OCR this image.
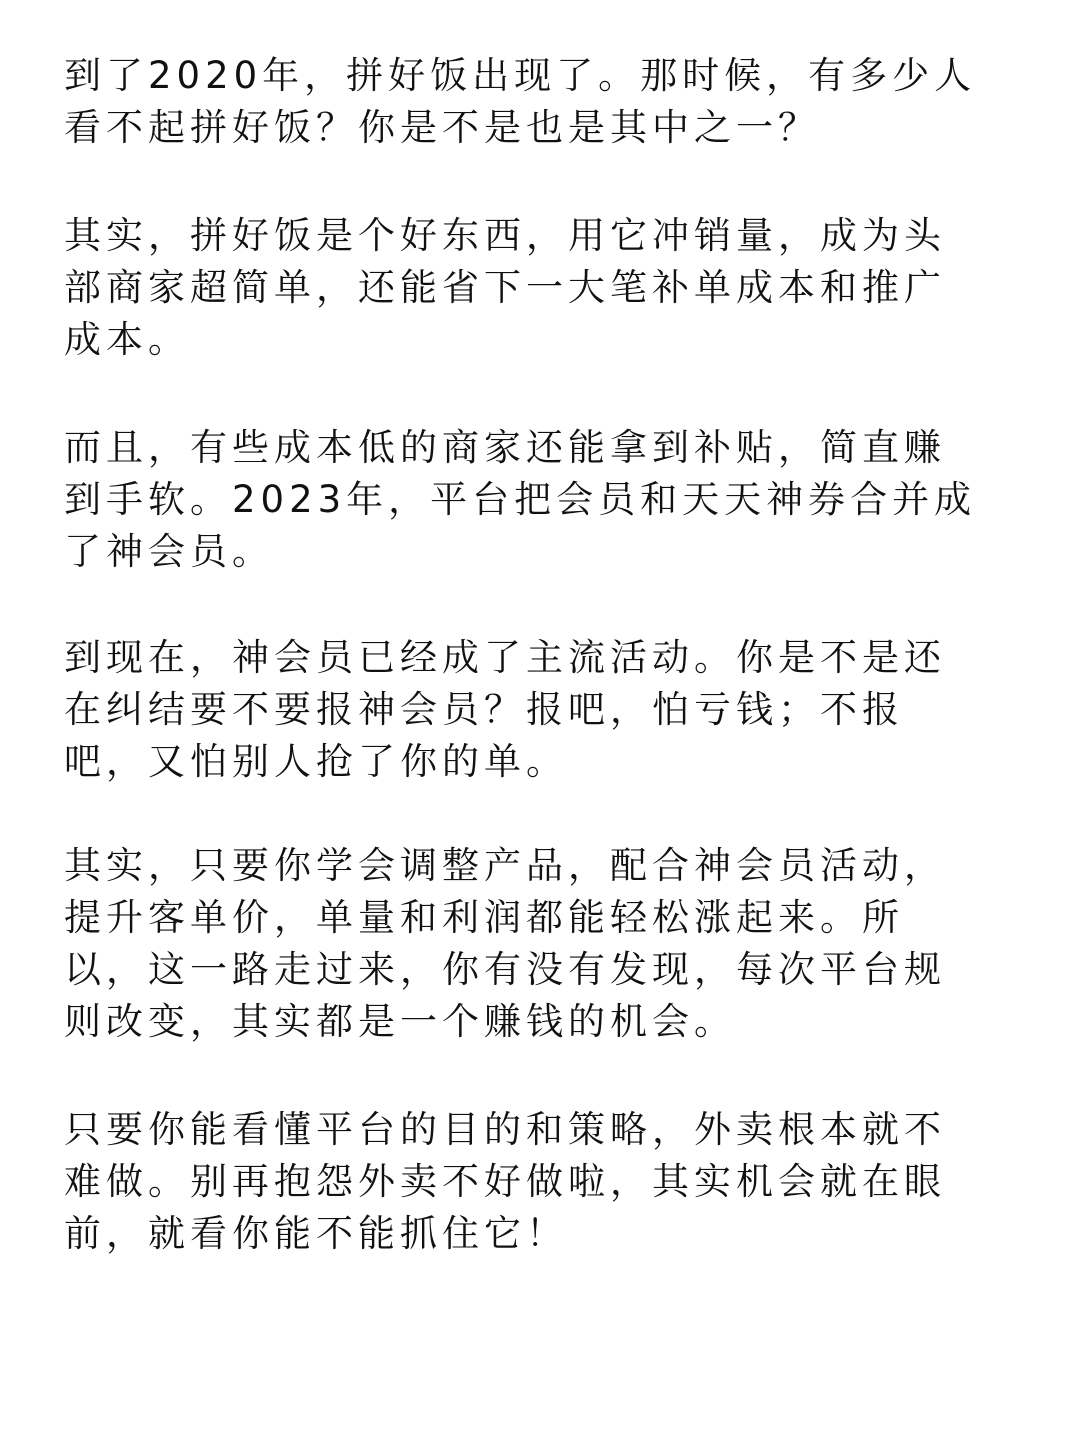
到了2020年，拼好饭出现了。那时候，有多少人
看不起拼好饭？你是不是也是其中之一？

其实，拼好饭是个好东西，用它冲销量，成为头
部商家超简单，还能省下一大笔补单成本和推广
成本。

而且，有些成本低的商家还能拿到补贴，简直赚
到手软。2023年，平台把会员和天天神券合并成
了神会员。

到现在，神会员已经成了主流活动。你是不是还
在纠结要不要报神会员？报吧，怕亏钱；不报
吧，又怕别人抢了你的单。

其实，只要你学会调整产品，配合神会员活动，
提升客单价，单量和利润都能轻松涨起来。所
以，这一路走过来，你有没有发现，每次平台规
则改变，其实都是一个赚钱的机会。

只要你能看懂平台的目的和策略，外卖根本就不
难做。别再抱怨外卖不好做啦，其实机会就在眼
前，就看你能不能抓住它！
